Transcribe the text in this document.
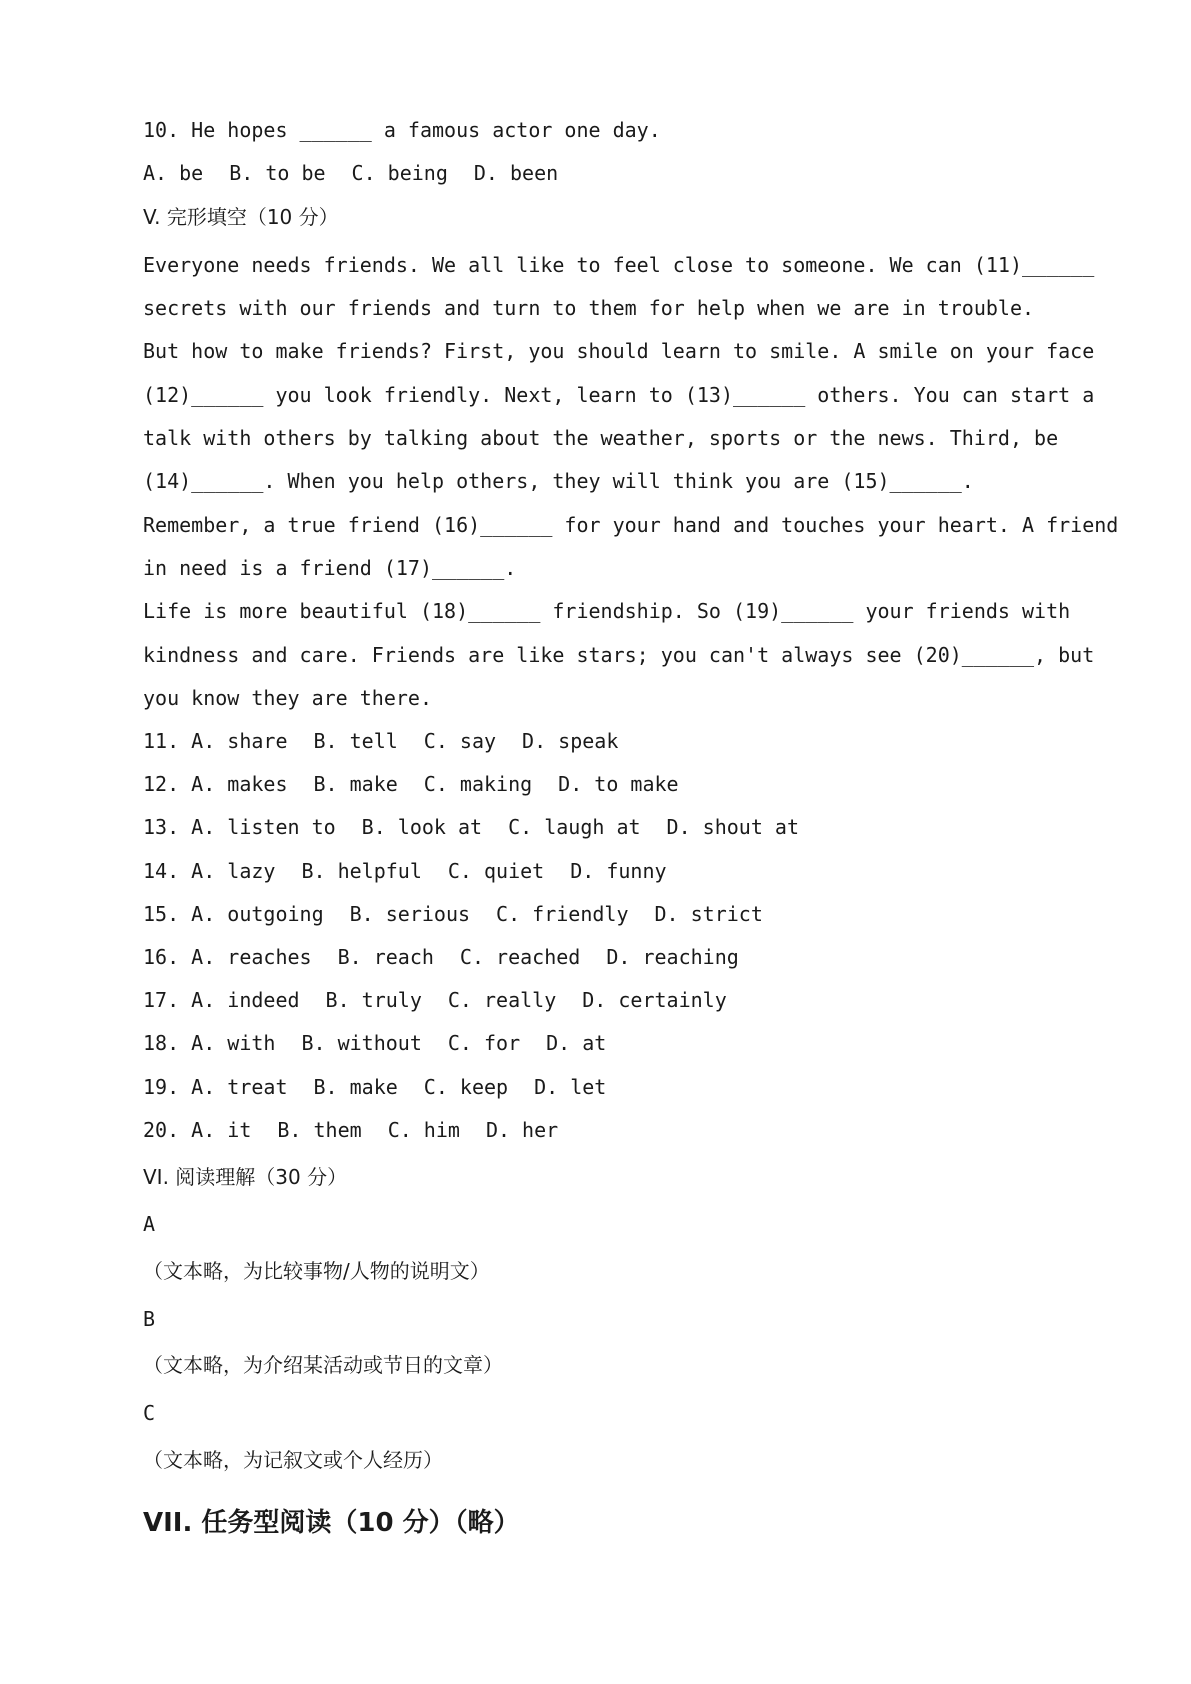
10. He hopes ______ a famous actor one day.
A. be B. to be C. being D. been
V. 完形填空（10 分）
Everyone needs friends. We all like to feel close to someone. We can (11)______
secrets with our friends and turn to them for help when we are in trouble.
But how to make friends? First, you should learn to smile. A smile on your face
(12)______ you look friendly. Next, learn to (13)______ others. You can start a
talk with others by talking about the weather, sports or the news. Third, be
(14)______. When you help others, they will think you are (15)______.
Remember, a true friend (16)______ for your hand and touches your heart. A friend
in need is a friend (17)______.
Life is more beautiful (18)______ friendship. So (19)______ your friends with
kindness and care. Friends are like stars; you can't always see (20)______, but
you know they are there.
11. A. share B. tell C. say D. speak
12. A. makes B. make C. making D. to make
13. A. listen to B. look at C. laugh at D. shout at
14. A. lazy B. helpful C. quiet D. funny
15. A. outgoing B. serious C. friendly D. strict
16. A. reaches B. reach C. reached D. reaching
17. A. indeed B. truly C. really D. certainly
18. A. with B. without C. for D. at
19. A. treat B. make C. keep D. let
20. A. it B. them C. him D. her
VI. 阅读理解（30 分）
A
（文本略，为比较事物/人物的说明文）
B
（文本略，为介绍某活动或节日的文章）
C
（文本略，为记叙文或个人经历）
VII. 任务型阅读（10 分）（略）
